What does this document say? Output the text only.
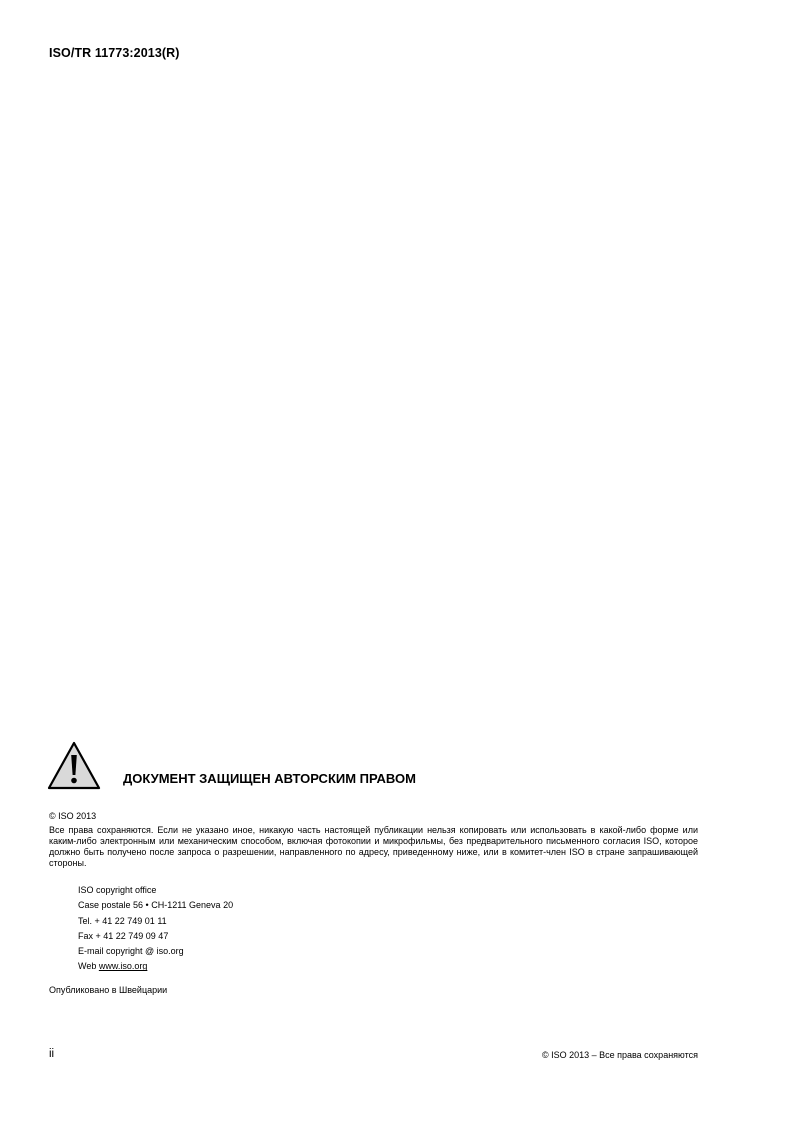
ISO/TR 11773:2013(R)
ДОКУМЕНТ ЗАЩИЩЕН АВТОРСКИМ ПРАВОМ
© ISO 2013
Все права сохраняются. Если не указано иное, никакую часть настоящей публикации нельзя копировать или использовать в какой-либо форме или каким-либо электронным или механическим способом, включая фотокопии и микрофильмы, без предварительного письменного согласия ISO, которое должно быть получено после запроса о разрешении, направленного по адресу, приведенному ниже, или в комитет-член ISO в стране запрашивающей стороны.
ISO copyright office
Case postale 56 • CH-1211 Geneva 20
Tel. + 41 22 749 01 11
Fax + 41 22 749 09 47
E-mail copyright @ iso.org
Web www.iso.org
Опубликовано в Швейцарии
ii	© ISO 2013 – Все права сохраняются
